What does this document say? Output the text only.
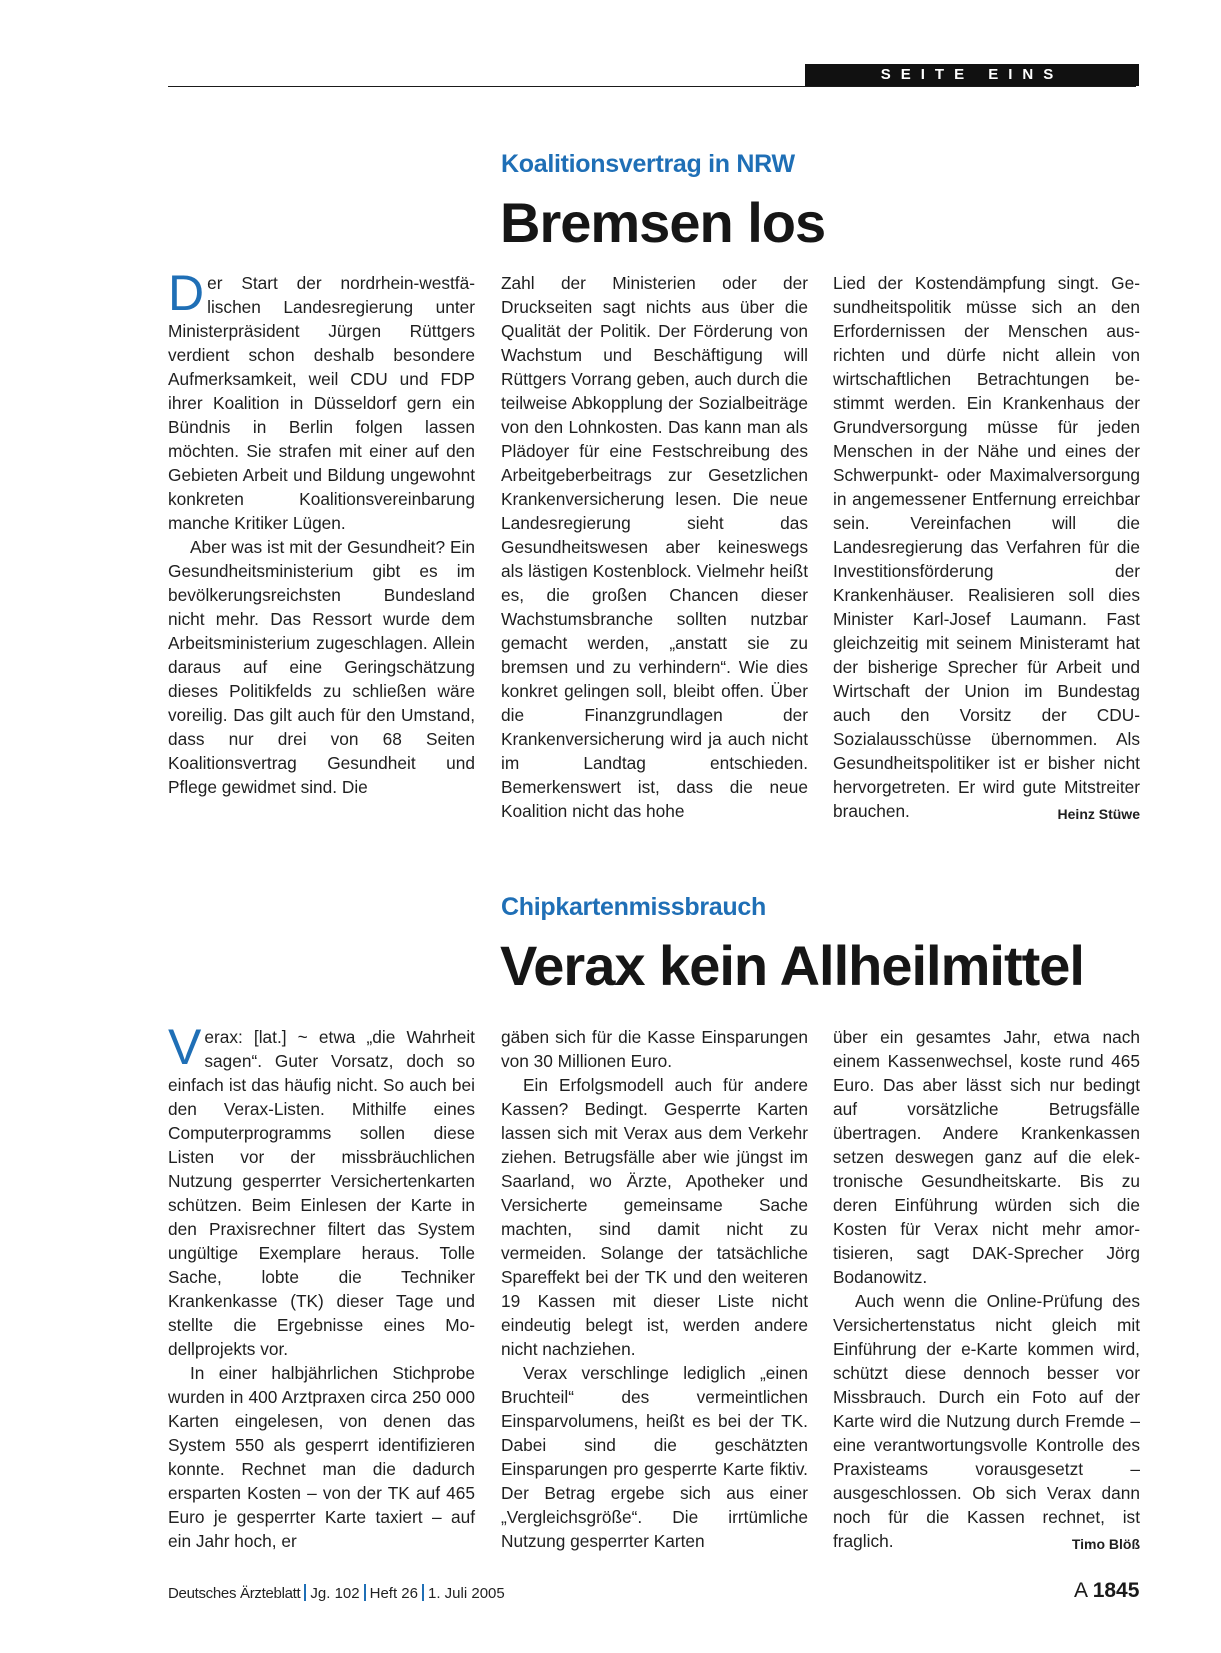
SEITE EINS
Koalitionsvertrag in NRW
Bremsen los

Der Start der nordrhein-westfälischen Landesregierung unter Ministerpräsident Jürgen Rüttgers verdient schon deshalb besondere Aufmerksamkeit, weil CDU und FDP ihrer Koalition in Düsseldorf gern ein Bündnis in Berlin folgen lassen möchten. Sie strafen mit einer auf den Gebieten Arbeit und Bildung ungewohnt konkreten Koalitionsvereinbarung manche Kritiker Lügen.

Aber was ist mit der Gesundheit? Ein Gesundheitsministerium gibt es im bevölkerungsreichsten Bundesland nicht mehr. Das Ressort wurde dem Arbeitsministerium zugeschlagen. Allein daraus auf eine Geringschätzung dieses Politikfelds zu schließen wäre voreilig. Das gilt auch für den Umstand, dass nur drei von 68 Seiten Koalitionsvertrag Gesundheit und Pflege gewidmet sind. Die

Zahl der Ministerien oder der Druckseiten sagt nichts aus über die Qualität der Politik. Der Förderung von Wachstum und Beschäftigung will Rüttgers Vorrang geben, auch durch die teilweise Abkopplung der Sozialbeiträge von den Lohnkosten. Das kann man als Plädoyer für eine Festschreibung des Arbeitgeberbeitrags zur Gesetzlichen Krankenversicherung lesen. Die neue Landesregierung sieht das Gesundheitswesen aber keineswegs als lästigen Kostenblock. Vielmehr heißt es, die großen Chancen dieser Wachstumsbranche sollten nutzbar gemacht werden, „anstatt sie zu bremsen und zu verhindern“. Wie dies konkret gelingen soll, bleibt offen. Über die Finanzgrundlagen der Krankenversicherung wird ja auch nicht im Landtag entschieden. Bemerkenswert ist, dass die neue Koalition nicht das hohe

Lied der Kostendämpfung singt. Gesundheitspolitik müsse sich an den Erfordernissen der Menschen ausrichten und dürfe nicht allein von wirtschaftlichen Betrachtungen bestimmt werden. Ein Krankenhaus der Grundversorgung müsse für jeden Menschen in der Nähe und eines der Schwerpunkt- oder Maximalversorgung in angemessener Entfernung erreichbar sein. Vereinfachen will die Landesregierung das Verfahren für die Investitionsförderung der Krankenhäuser. Realisieren soll dies Minister Karl-Josef Laumann. Fast gleichzeitig mit seinem Ministeramt hat der bisherige Sprecher für Arbeit und Wirtschaft der Union im Bundestag auch den Vorsitz der CDU-Sozialausschüsse übernommen. Als Gesundheitspolitiker ist er bisher nicht hervorgetreten. Er wird gute Mitstreiter brauchen.	Heinz Stüwe

Chipkartenmissbrauch
Verax kein Allheilmittel

Verax: [lat.] ~ etwa „die Wahrheit sagen“. Guter Vorsatz, doch so einfach ist das häufig nicht. So auch bei den Verax-Listen. Mithilfe eines Computerprogramms sollen diese Listen vor der missbräuchlichen Nutzung gesperrter Versichertenkarten schützen. Beim Einlesen der Karte in den Praxisrechner filtert das System ungültige Exemplare heraus. Tolle Sache, lobte die Techniker Krankenkasse (TK) dieser Tage und stellte die Ergebnisse eines Modellprojekts vor.

In einer halbjährlichen Stichprobe wurden in 400 Arztpraxen circa 250 000 Karten eingelesen, von denen das System 550 als gesperrt identifizieren konnte. Rechnet man die dadurch ersparten Kosten – von der TK auf 465 Euro je gesperrter Karte taxiert – auf ein Jahr hoch, er

gäben sich für die Kasse Einsparungen von 30 Millionen Euro.

Ein Erfolgsmodell auch für andere Kassen? Bedingt. Gesperrte Karten lassen sich mit Verax aus dem Verkehr ziehen. Betrugsfälle aber wie jüngst im Saarland, wo Ärzte, Apotheker und Versicherte gemeinsame Sache machten, sind damit nicht zu vermeiden. Solange der tatsächliche Spareffekt bei der TK und den weiteren 19 Kassen mit dieser Liste nicht eindeutig belegt ist, werden andere nicht nachziehen.

Verax verschlinge lediglich „einen Bruchteil“ des vermeintlichen Einsparvolumens, heißt es bei der TK. Dabei sind die geschätzten Einsparungen pro gesperrte Karte fiktiv. Der Betrag ergebe sich aus einer „Vergleichsgröße“. Die irrtümliche Nutzung gesperrter Karten

über ein gesamtes Jahr, etwa nach einem Kassenwechsel, koste rund 465 Euro. Das aber lässt sich nur bedingt auf vorsätzliche Betrugsfälle übertragen. Andere Krankenkassen setzen deswegen ganz auf die elektronische Gesundheitskarte. Bis zu deren Einführung würden sich die Kosten für Verax nicht mehr amortisieren, sagt DAK-Sprecher Jörg Bodanowitz.

Auch wenn die Online-Prüfung des Versichertenstatus nicht gleich mit Einführung der e-Karte kommen wird, schützt diese dennoch besser vor Missbrauch. Durch ein Foto auf der Karte wird die Nutzung durch Fremde – eine verantwortungsvolle Kontrolle des Praxisteams vorausgesetzt – ausgeschlossen. Ob sich Verax dann noch für die Kassen rechnet, ist fraglich.	Timo Blöß

Deutsches Ärzteblatt Jg. 102 Heft 26 1. Juli 2005	A 1845
